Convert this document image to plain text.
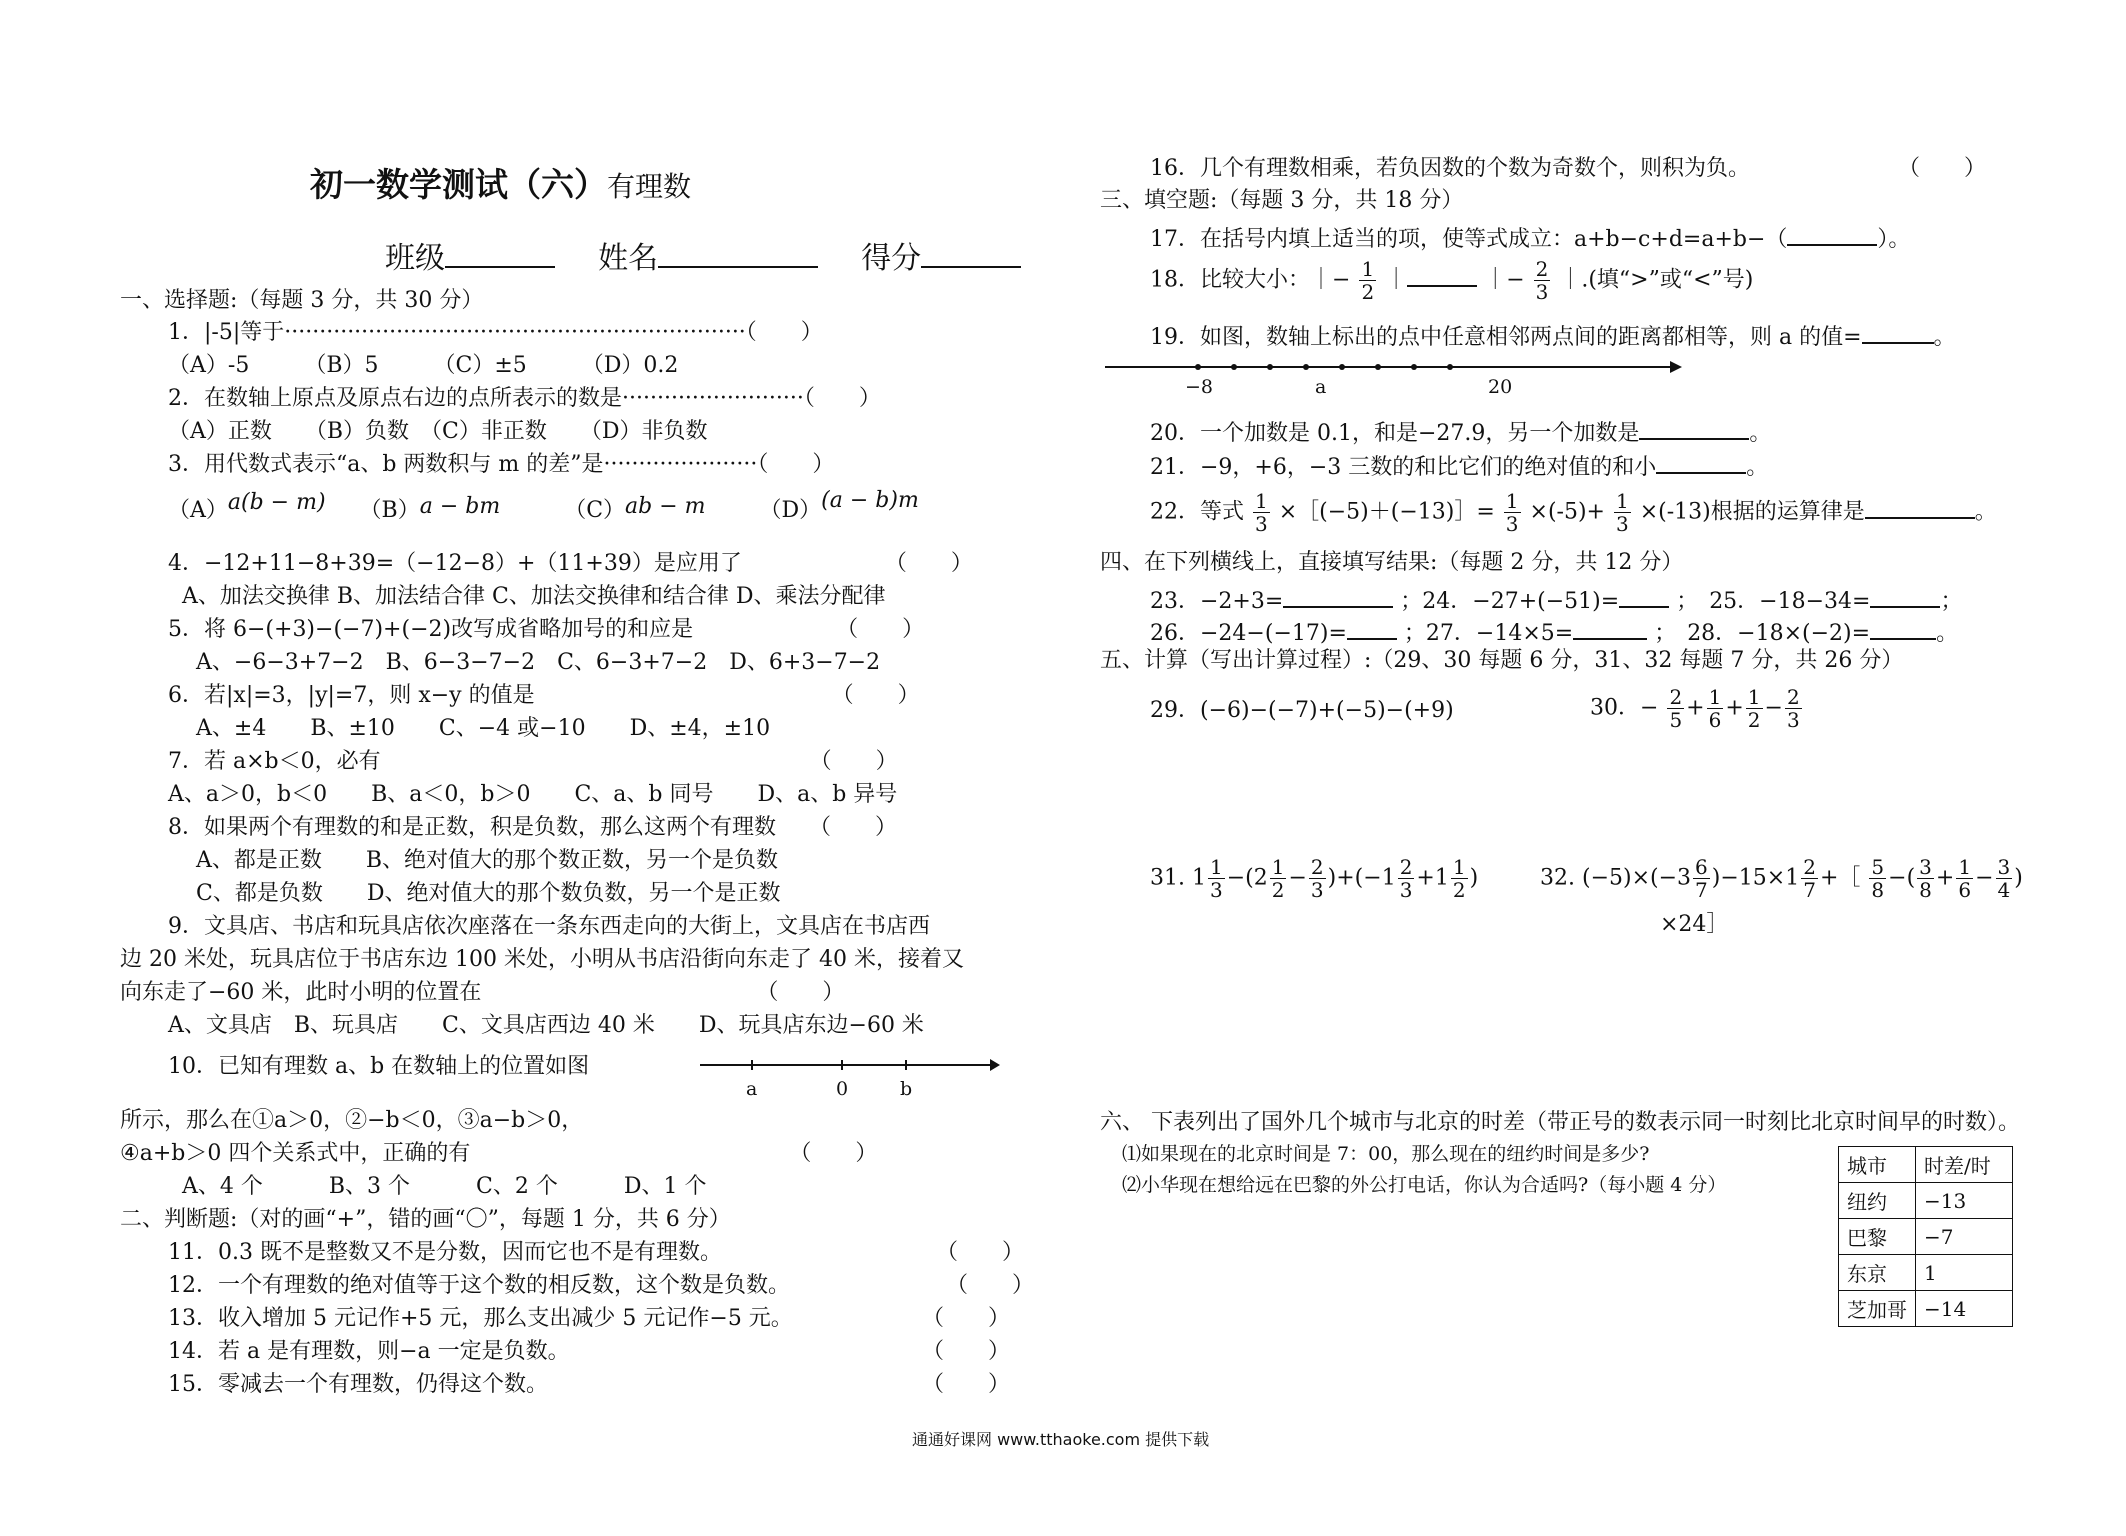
初一数学测试（六）有理数
班级	姓名	得分
一、选择题:（每题 3 分，共 30 分）
1．|-5|等于··································································（　　）
（A）-5　　　（B）5　　　（C）±5　　　（D）0.2
2．在数轴上原点及原点右边的点所表示的数是··························（　　）
（A）正数　　（B）负数　（C）非正数　　（D）非负数
3．用代数式表示“a、b 两数积与 m 的差”是······················（　　）
（A）a(b − m) （B）a − bm	（C）ab − m （D）(a − b)m
4．−12+11−8+39=（−12−8）+（11+39）是应用了　　　　　　　（　　）
A、加法交换律 B、加法结合律 C、加法交换律和结合律 D、乘法分配律
5．将 6−(+3)−(−7)+(−2)改写成省略加号的和应是　　　　　　　（　　）
A、−6−3+7−2　B、6−3−7−2　C、6−3+7−2　D、6+3−7−2
6．若|x|=3，|y|=7，则 x−y 的值是　　　　　　　　　　　　　　（　　）
A、±4　　B、±10　　C、−4 或−10　　D、±4，±10
7．若 a×b＜0，必有　　　　　　　　　　　　　　　　　　　　（　　）
A、a＞0，b＜0　　B、a＜0，b＞0　　C、a、b 同号　　D、a、b 异号
8．如果两个有理数的和是正数，积是负数，那么这两个有理数　　（　　）
A、都是正数　　B、绝对值大的那个数正数，另一个是负数
C、都是负数　　D、绝对值大的那个数负数，另一个是正数
9．文具店、书店和玩具店依次座落在一条东西走向的大街上，文具店在书店西
边 20 米处，玩具店位于书店东边 100 米处，小明从书店沿街向东走了 40 米，接着又
向东走了−60 米，此时小明的位置在　　　　　　　　　　　　　（　　）
A、文具店　B、玩具店　　C、文具店西边 40 米　　D、玩具店东边−60 米
10．已知有理数 a、b 在数轴上的位置如图
a	0	b
所示，那么在①a＞0，②−b＜0，③a−b＞0，
④a+b＞0 四个关系式中，正确的有　　　　　　　　　　　　　　　（　　）
A、4 个　　　B、3 个　　　C、2 个　　　D、1 个
二、判断题:（对的画“+”，错的画“〇”，每题 1 分，共 6 分）
11．0.3 既不是整数又不是分数，因而它也不是有理数。	（　　）
12．一个有理数的绝对值等于这个数的相反数，这个数是负数。	（　　）
13．收入增加 5 元记作+5 元，那么支出减少 5 元记作−5 元。	（　　）
14．若 a 是有理数，则−a 一定是负数。	（　　）
15．零减去一个有理数，仍得这个数。	（　　）
16．几个有理数相乘，若负因数的个数为奇数个，则积为负。	（　　）
三、填空题:（每题 3 分，共 18 分）
17．在括号内填上适当的项，使等式成立：a+b−c+d=a+b−（	）。
18．比较大小：｜− $\frac{1}{2}$ ｜	｜− $\frac{2}{3}$ ｜.(填“>”或“<”号)
19．如图，数轴上标出的点中任意相邻两点间的距离都相等，则 a 的值=	。
−8	a	20
20．一个加数是 0.1，和是−27.9，另一个加数是	。
21．−9，+6，−3 三数的和比它们的绝对值的和小	。
22．等式 $\frac{1}{3}$ ×［(−5)＋(−13)］= $\frac{1}{3} \times(-5)+ \frac{1}{3} \times(-13)$根据的运算律是	。
四、在下列横线上，直接填写结果:（每题 2 分，共 12 分）
23．−2+3=	；24．−27+(−51)=	；　25．−18−34=	；
26．−24−(−17)=	；27．−14×5=	；　28．−18×(−2)=	。
五、计算（写出计算过程）:（29、30 每题 6 分，31、32 每题 7 分，共 26 分）
29．(−6)−(−7)+(−5)−(+9)	30．− $\frac{2}{5} + \frac{1}{6} + \frac{1}{2} - \frac{2}{3}$
31. $1 \frac{1}{3} -(2 \frac{1}{2} - \frac{2}{3} )+(-1 \frac{2}{3} +1 \frac{1}{2}$ )	32. $(-5)\times(-3 \frac{6}{7} )-15\times 1 \frac{2}{7}$ +［ $\frac{5}{8}$ −( $\frac{3}{8} + \frac{1}{6} - \frac{3}{4}$ )
×24］
六、 下表列出了国外几个城市与北京的时差（带正号的数表示同一时刻比北京时间早的时数）。
⑴如果现在的北京时间是 7：00，那么现在的纽约时间是多少?
⑵小华现在想给远在巴黎的外公打电话，你认为合适吗?（每小题 4 分）
城市	时差/时
纽约	−13
巴黎	−7
东京	1
芝加哥	−14
通通好课网 www.tthaoke.com 提供下载
